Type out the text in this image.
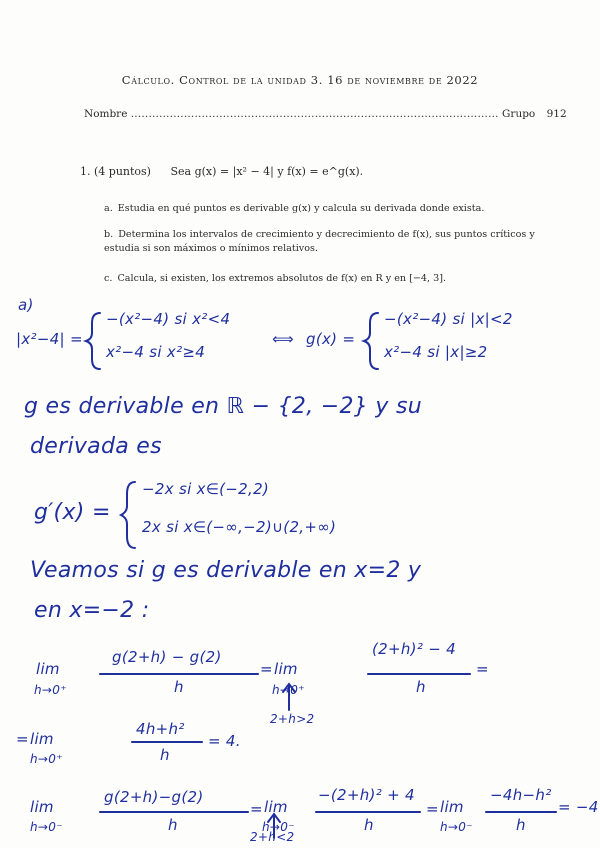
Cálculo. Control de la unidad 3. 16 de noviembre de 2022
Nombre ........................................................................................................ Grupo 912
1. (4 puntos) Sea g(x) = |x² − 4| y f(x) = e^g(x).
a. Estudia en qué puntos es derivable g(x) y calcula su derivada donde exista.
b. Determina los intervalos de crecimiento y decrecimiento de f(x), sus puntos críticos y estudia si son máximos o mínimos relativos.
c. Calcula, si existen, los extremos absolutos de f(x) en R y en [−4, 3].
a)
|x²−4| =
−(x²−4) si x²<4
x²−4 si x²≥4
⟺ g(x) =
−(x²−4) si |x|<2
x²−4 si |x|≥2
g es derivable en ℝ − {2, −2} y su
derivada es
g′(x) =
−2x si x∈(−2,2)
2x si x∈(−∞,−2)∪(2,+∞)
Veamos si g es derivable en x=2 y
en x=−2 :
lim
h→0⁺
g(2+h) − g(2)
h
= lim
h→0⁺
(2+h)² − 4
h
=
2+h>2
= lim
h→0⁺
4h+h²
h
= 4.
lim
h→0⁻
g(2+h)−g(2)
h
= lim
h→0⁻
−(2+h)² + 4
h
= lim
h→0⁻
−4h−h²
h
= −4
2+h<2
